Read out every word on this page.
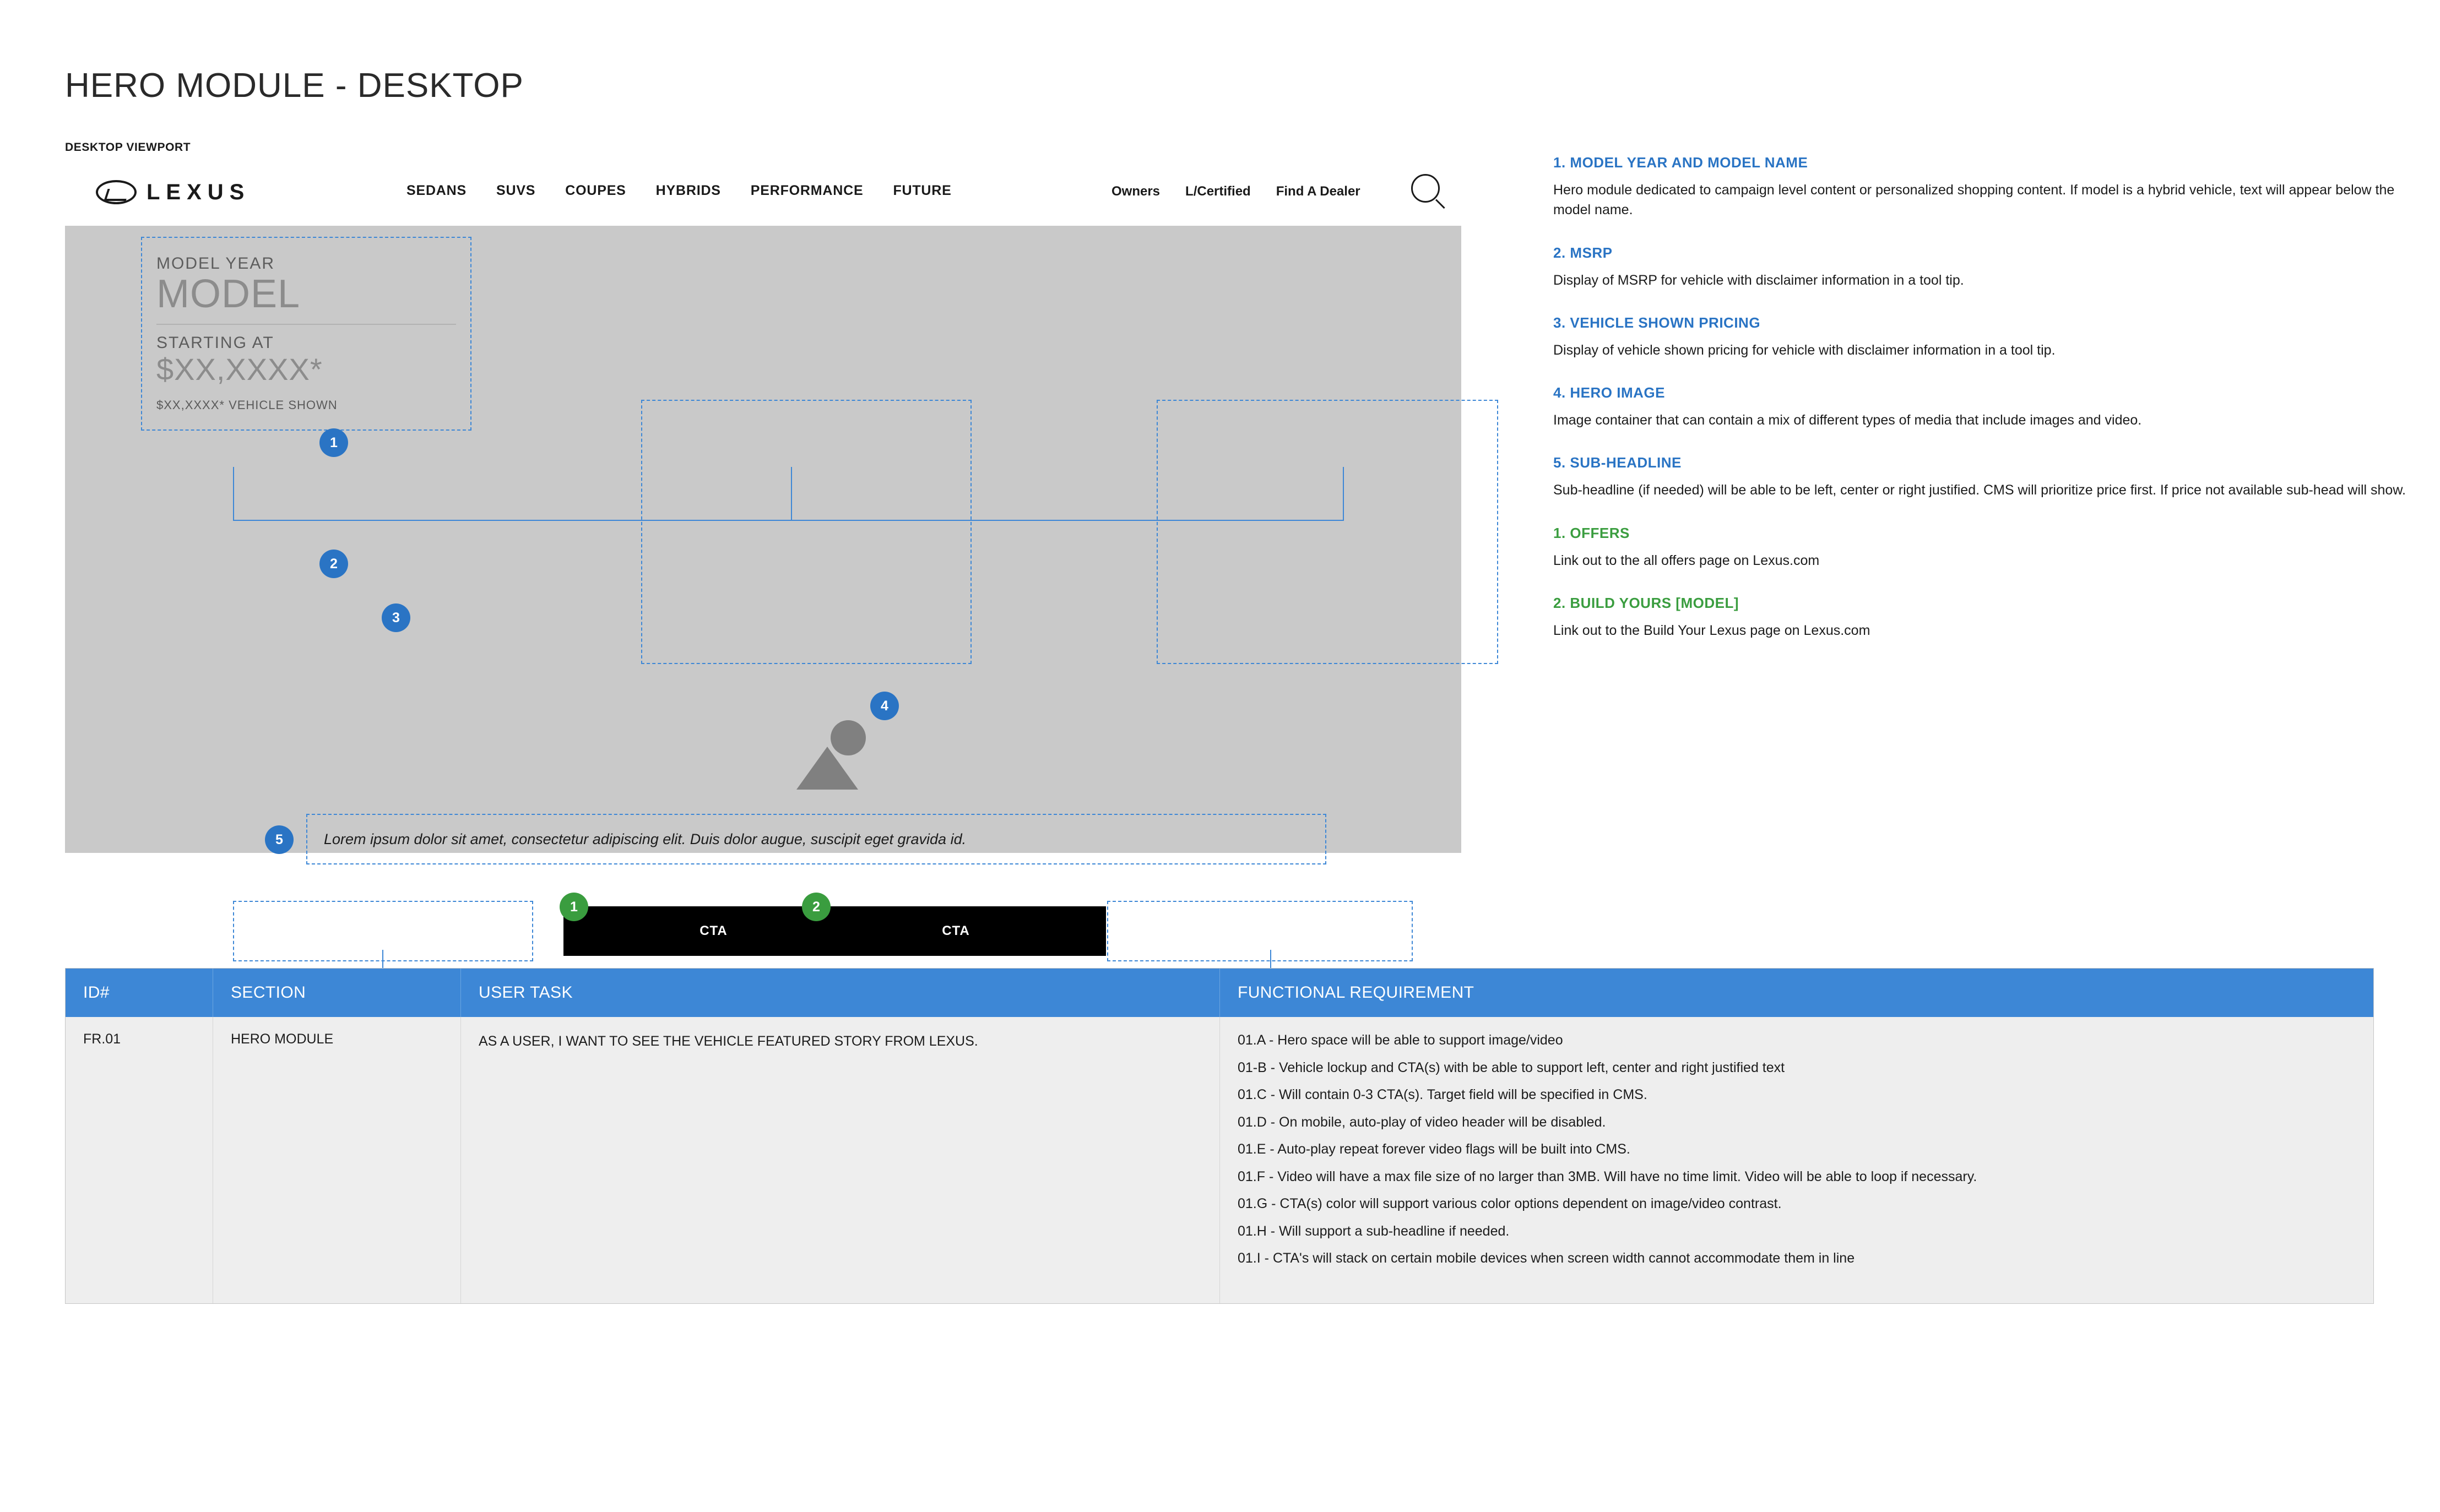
HERO MODULE - DESKTOP
DESKTOP VIEWPORT
LEXUS	SEDANS SUVS COUPES HYBRIDS PERFORMANCE FUTURE	Owners L/Certified Find A Dealer
MODEL YEAR
MODEL
STARTING AT
$XX,XXXX*
$XX,XXXX* VEHICLE SHOWN
Lorem ipsum dolor sit amet, consectetur adipiscing elit. Duis dolor augue, suscipit eget gravida id.
CTA	CTA
1
2
3
4
5
1	2
1. MODEL YEAR AND MODEL NAME
Hero module dedicated to campaign level content or personalized shopping content. If model is a hybrid vehicle, text will appear below the model name.
2. MSRP
Display of MSRP for vehicle with disclaimer information in a tool tip.
3. VEHICLE SHOWN PRICING
Display of vehicle shown pricing for vehicle with disclaimer information in a tool tip.
4. HERO IMAGE
Image container that can contain a mix of different types of media that include images and video.
5. SUB-HEADLINE
Sub-headline (if needed) will be able to be left, center or right justified. CMS will prioritize price first. If price not available sub-head will show.
1. OFFERS
Link out to the all offers page on Lexus.com
2. BUILD YOURS [MODEL]
Link out to the Build Your Lexus page on Lexus.com
ID#	SECTION	USER TASK	FUNCTIONAL REQUIREMENT
FR.01	HERO MODULE	AS A USER, I WANT TO SEE THE VEHICLE FEATURED STORY FROM LEXUS.	01.A - Hero space will be able to support image/video
01-B - Vehicle lockup and CTA(s) with be able to support left, center and right justified text
01.C - Will contain 0-3 CTA(s). Target field will be specified in CMS.
01.D - On mobile, auto-play of video header will be disabled.
01.E - Auto-play repeat forever video flags will be built into CMS.
01.F - Video will have a max file size of no larger than 3MB. Will have no time limit. Video will be able to loop if necessary.
01.G - CTA(s) color will support various color options dependent on image/video contrast.
01.H - Will support a sub-headline if needed.
01.I - CTA's will stack on certain mobile devices when screen width cannot accommodate them in line
